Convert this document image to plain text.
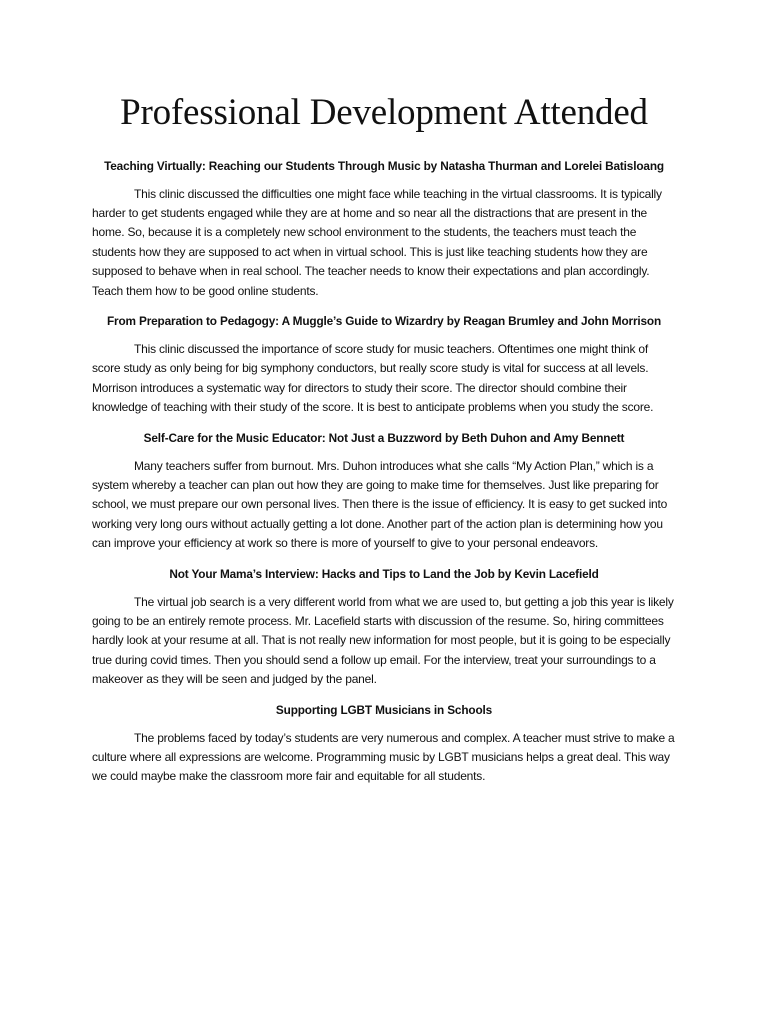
Professional Development Attended
Teaching Virtually: Reaching our Students Through Music by Natasha Thurman and Lorelei Batisloang

This clinic discussed the difficulties one might face while teaching in the virtual classrooms. It is typically harder to get students engaged while they are at home and so near all the distractions that are present in the home. So, because it is a completely new school environment to the students, the teachers must teach the students how they are supposed to act when in virtual school. This is just like teaching students how they are supposed to behave when in real school. The teacher needs to know their expectations and plan accordingly. Teach them how to be good online students.

From Preparation to Pedagogy: A Muggle’s Guide to Wizardry by Reagan Brumley and John Morrison

This clinic discussed the importance of score study for music teachers. Oftentimes one might think of score study as only being for big symphony conductors, but really score study is vital for success at all levels. Morrison introduces a systematic way for directors to study their score. The director should combine their knowledge of teaching with their study of the score. It is best to anticipate problems when you study the score.

Self-Care for the Music Educator: Not Just a Buzzword by Beth Duhon and Amy Bennett

Many teachers suffer from burnout. Mrs. Duhon introduces what she calls “My Action Plan,” which is a system whereby a teacher can plan out how they are going to make time for themselves. Just like preparing for school, we must prepare our own personal lives. Then there is the issue of efficiency. It is easy to get sucked into working very long ours without actually getting a lot done. Another part of the action plan is determining how you can improve your efficiency at work so there is more of yourself to give to your personal endeavors.

Not Your Mama’s Interview: Hacks and Tips to Land the Job by Kevin Lacefield

The virtual job search is a very different world from what we are used to, but getting a job this year is likely going to be an entirely remote process. Mr. Lacefield starts with discussion of the resume. So, hiring committees hardly look at your resume at all. That is not really new information for most people, but it is going to be especially true during covid times. Then you should send a follow up email. For the interview, treat your surroundings to a makeover as they will be seen and judged by the panel.

Supporting LGBT Musicians in Schools

The problems faced by today’s students are very numerous and complex. A teacher must strive to make a culture where all expressions are welcome. Programming music by LGBT musicians helps a great deal. This way we could maybe make the classroom more fair and equitable for all students.
